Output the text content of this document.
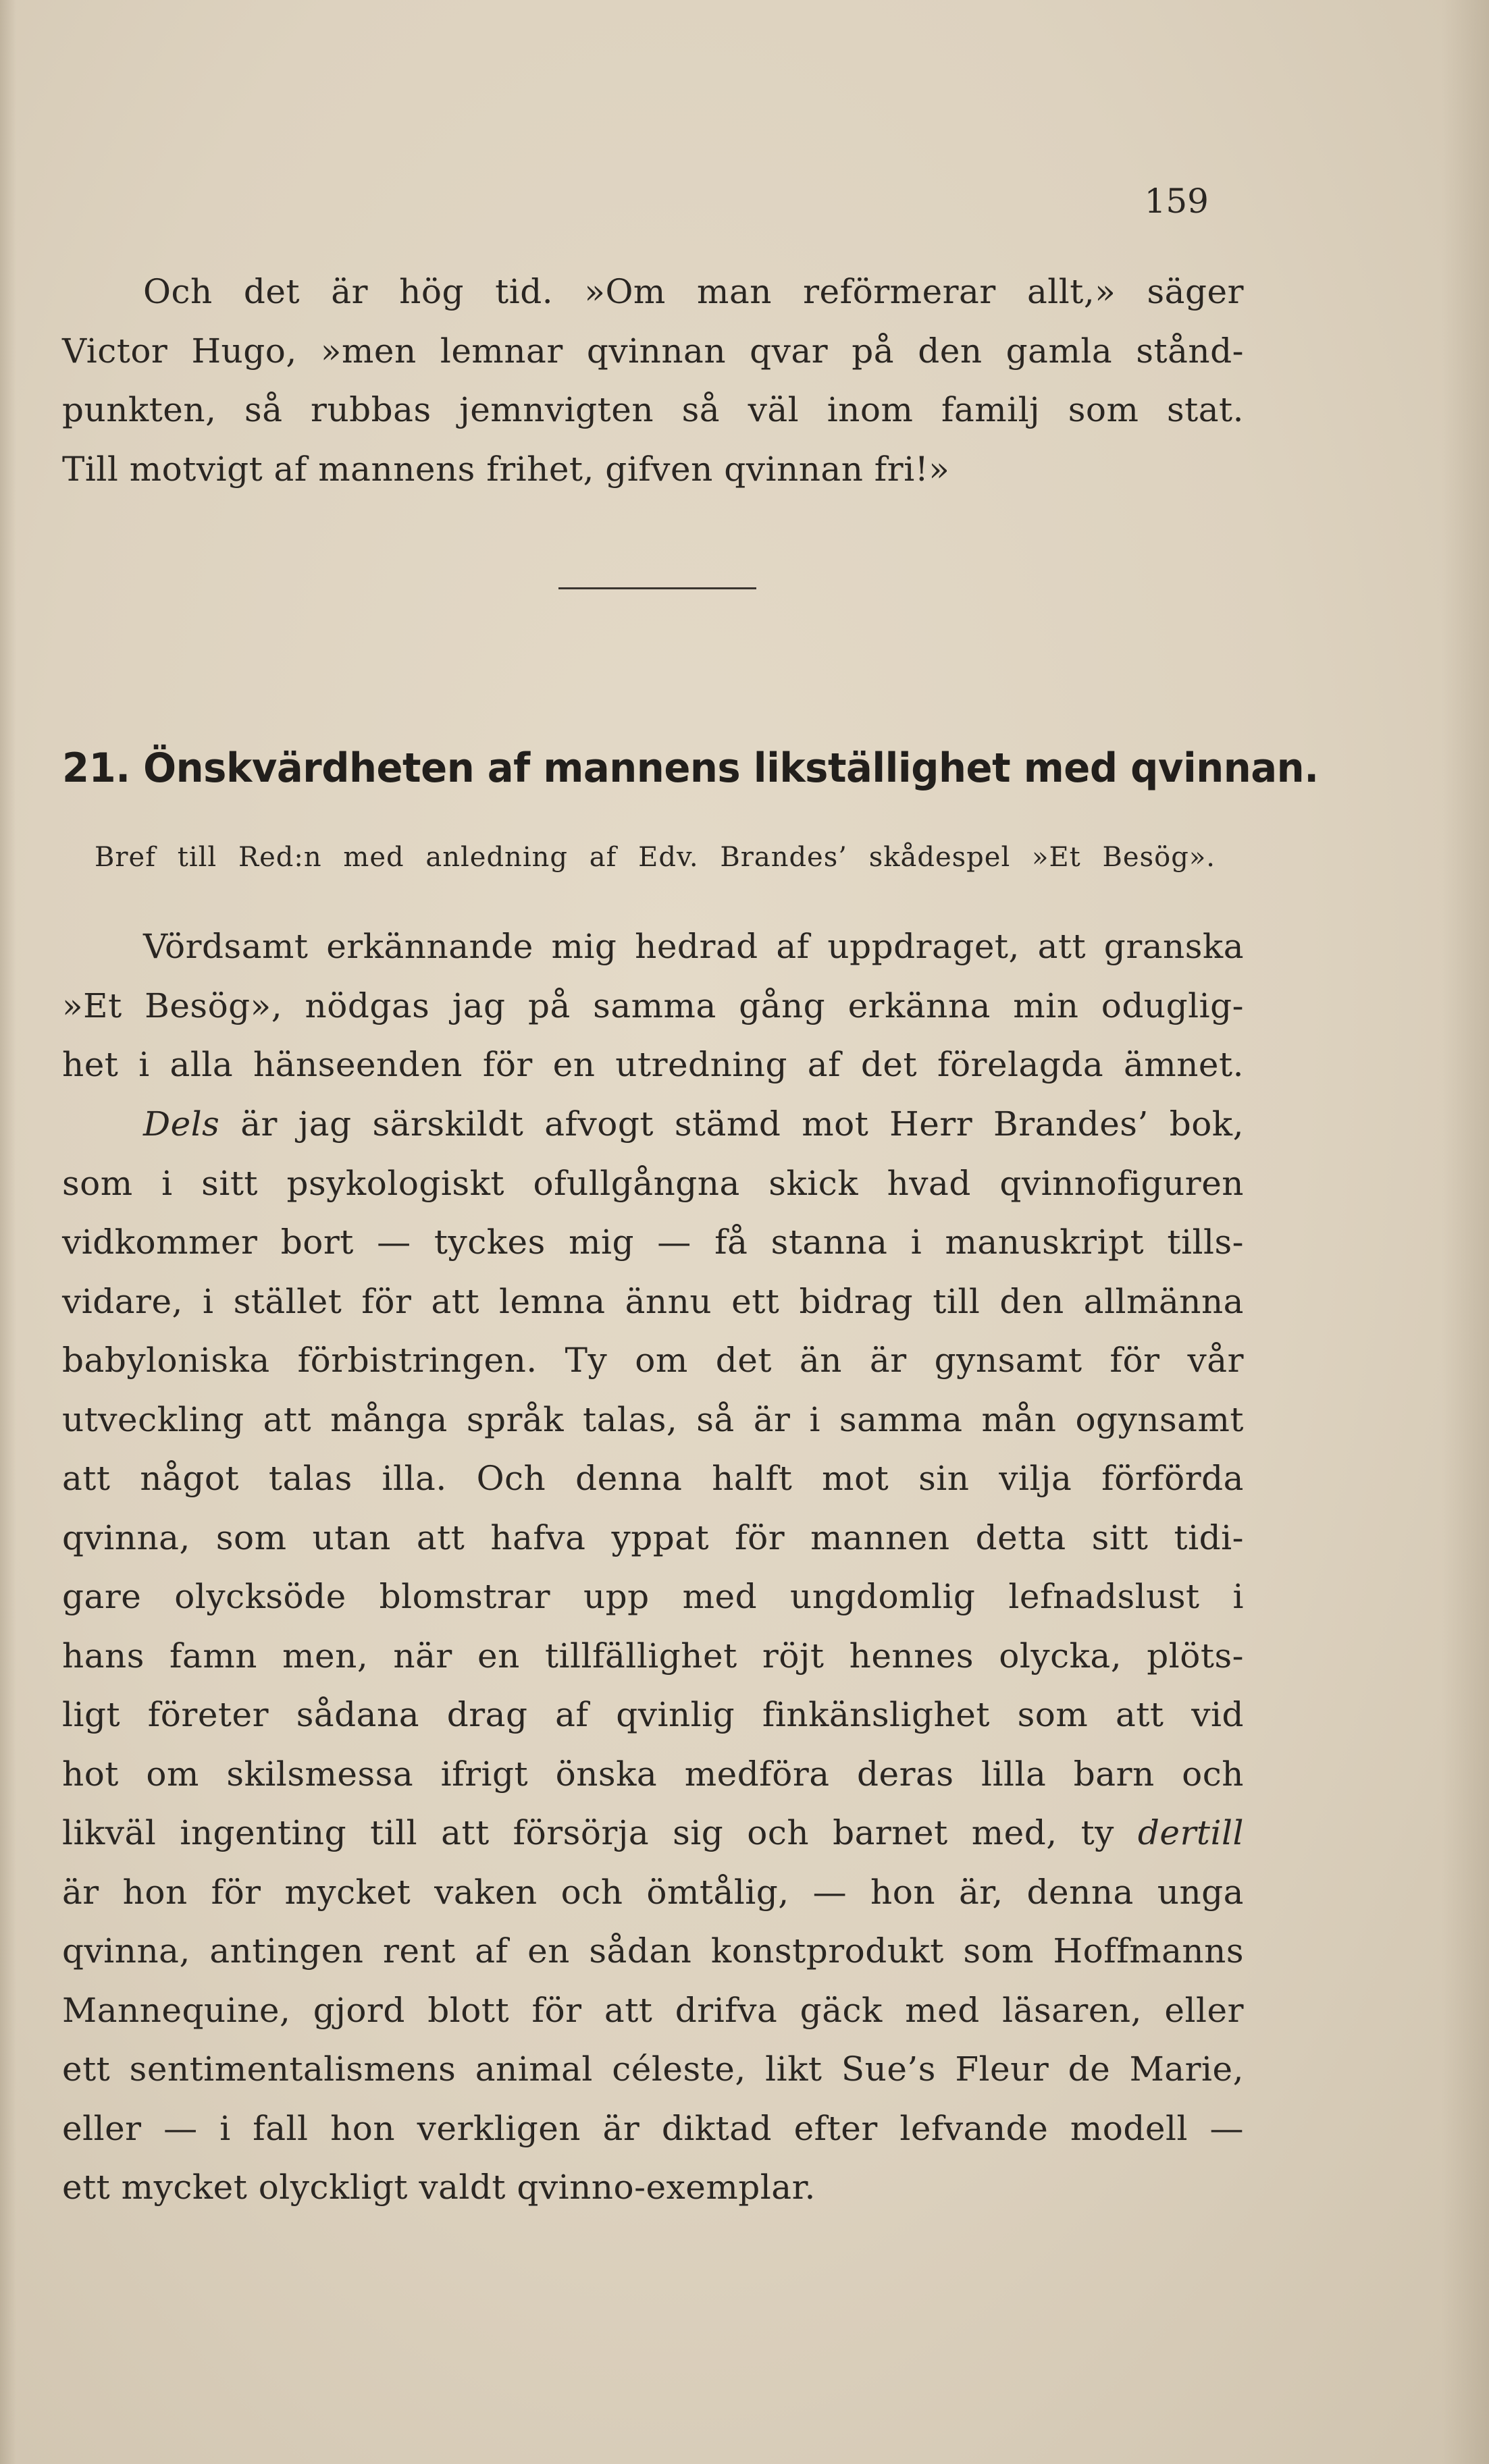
159
Och det är hög tid. »Om man reförmerar allt,» säger
Victor Hugo, »men lemnar qvinnan qvar på den gamla stånd-
punkten, så rubbas jemnvigten så väl inom familj som stat.
Till motvigt af mannens frihet, gifven qvinnan fri!»
21. Önskvärdheten af mannens likställighet med qvinnan.
Bref till Red:n med anledning af Edv. Brandes’ skådespel »Et Besög».
Vördsamt erkännande mig hedrad af uppdraget, att granska
»Et Besög», nödgas jag på samma gång erkänna min oduglig-
het i alla hänseenden för en utredning af det förelagda ämnet.
Dels är jag särskildt afvogt stämd mot Herr Brandes’ bok,
som i sitt psykologiskt ofullgångna skick hvad qvinnofiguren
vidkommer bort — tyckes mig — få stanna i manuskript tills-
vidare, i stället för att lemna ännu ett bidrag till den allmänna
babyloniska förbistringen. Ty om det än är gynsamt för vår
utveckling att många språk talas, så är i samma mån ogynsamt
att något talas illa. Och denna halft mot sin vilja förförda
qvinna, som utan att hafva yppat för mannen detta sitt tidi-
gare olycksöde blomstrar upp med ungdomlig lefnadslust i
hans famn men, när en tillfällighet röjt hennes olycka, plöts-
ligt företer sådana drag af qvinlig finkänslighet som att vid
hot om skilsmessa ifrigt önska medföra deras lilla barn och
likväl ingenting till att försörja sig och barnet med, ty dertill
är hon för mycket vaken och ömtålig, — hon är, denna unga
qvinna, antingen rent af en sådan konstprodukt som Hoffmanns
Mannequine, gjord blott för att drifva gäck med läsaren, eller
ett sentimentalismens animal céleste, likt Sue’s Fleur de Marie,
eller — i fall hon verkligen är diktad efter lefvande modell —
ett mycket olyckligt valdt qvinno-exemplar.
